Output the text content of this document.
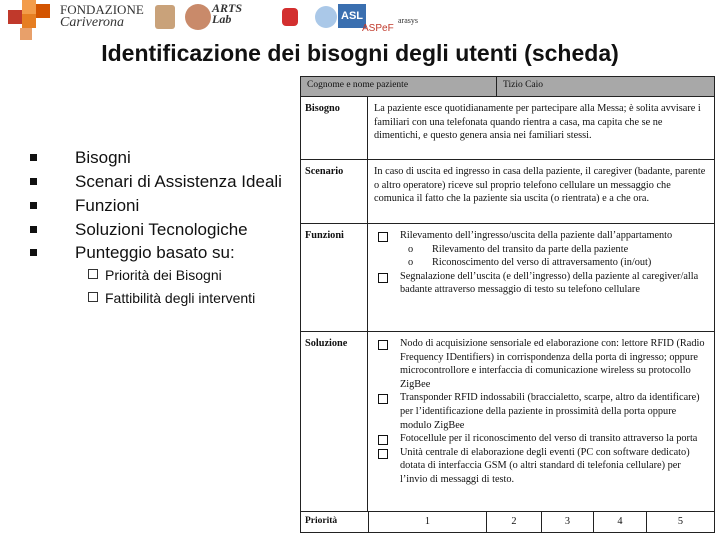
FONDAZIONE
Cariverona
ARTS
Lab	ASL
ASPeF
arasys
Identificazione dei bisogni degli utenti (scheda)
Bisogni
Scenari di Assistenza Ideali
Funzioni
Soluzioni Tecnologiche
Punteggio basato su:
Priorità dei Bisogni
Fattibilità degli interventi
Cognome e nome paziente	Tizio Caio
Bisogno	La paziente esce quotidianamente per partecipare alla Messa; è solita avvisare i familiari con una telefonata quando rientra a casa, ma capita che se ne dimentichi, e questo genera ansia nei familiari stessi.
Scenario	In caso di uscita ed ingresso in casa della paziente, il caregiver (badante, parente o altro operatore) riceve sul proprio telefono cellulare un messaggio che comunica il fatto che la paziente sia uscita (o rientrata) e a che ora.
Funzioni	Rilevamento dell’ingresso/uscita della paziente dall’appartamento
o Rilevamento del transito da parte della paziente
o Riconoscimento del verso di attraversamento (in/out)
Segnalazione dell’uscita (e dell’ingresso) della paziente al caregiver/alla badante attraverso messaggio di testo su telefono cellulare
Soluzione	Nodo di acquisizione sensoriale ed elaborazione con: lettore RFID (Radio Frequency IDentifiers) in corrispondenza della porta di ingresso; oppure microcontrollore e interfaccia di comunicazione wireless su protocollo ZigBee
Transponder RFID indossabili (braccialetto, scarpe, altro da identificare) per l’identificazione della paziente in prossimità della porta oppure modulo ZigBee
Fotocellule per il riconoscimento del verso di transito attraverso la porta
Unità centrale di elaborazione degli eventi (PC con software dedicato) dotata di interfaccia GSM (o altri standard di telefonia cellulare) per l’invio di messaggi di testo.
Priorità	1	2	3	4	5
